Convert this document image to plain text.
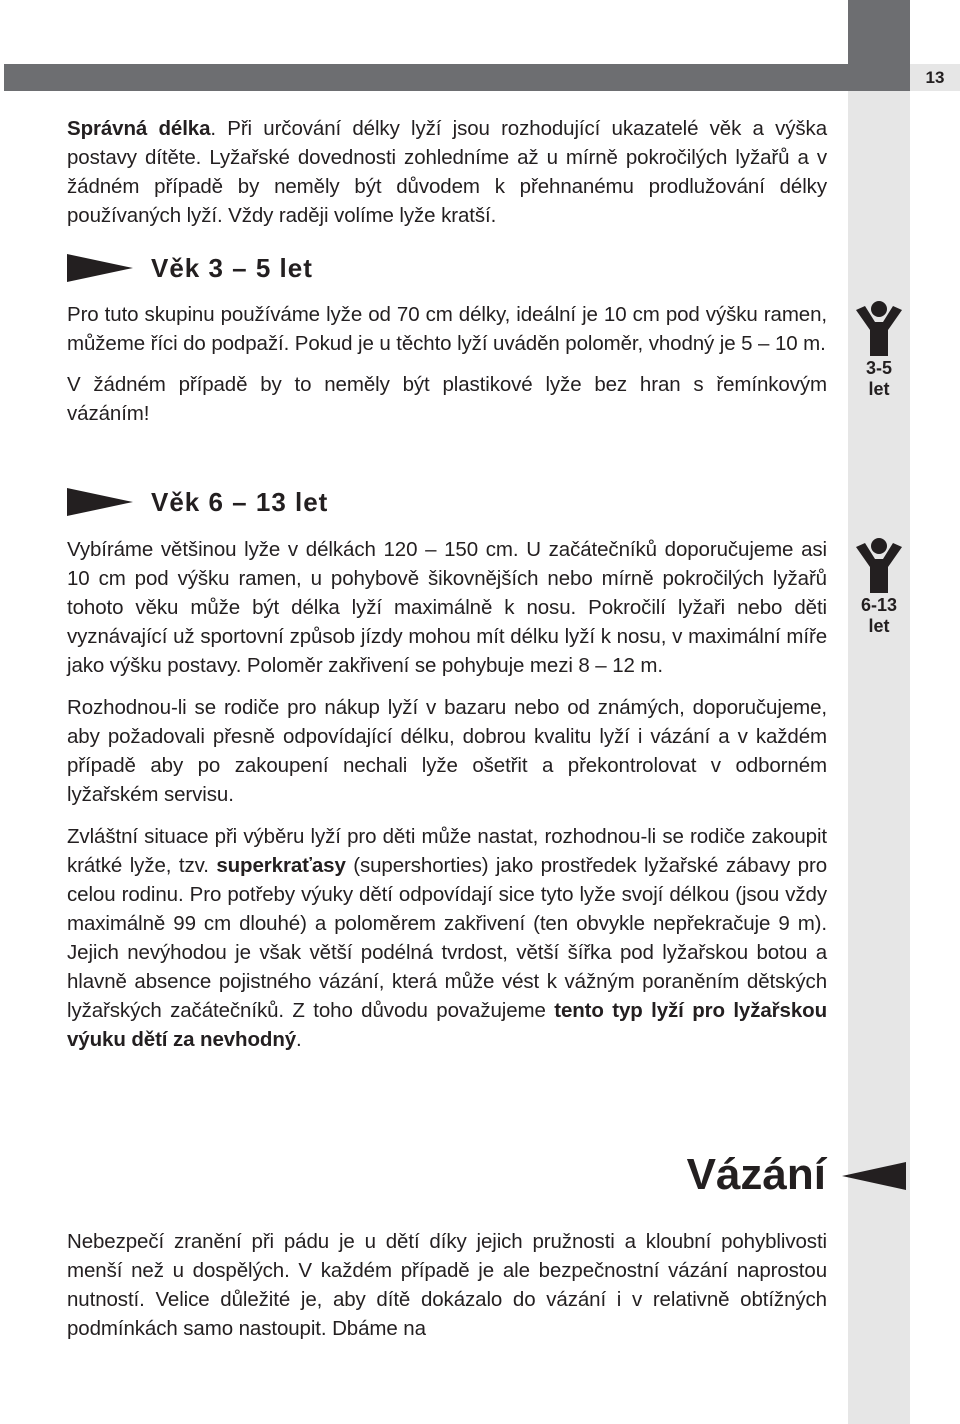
13

Správná délka. Při určování délky lyží jsou rozhodující ukazatelé věk a výška postavy dítěte. Lyžařské dovednosti zohledníme až u mírně pokročilých lyžařů a v žádném případě by neměly být důvodem k přehnanému prodlužování délky používaných lyží. Vždy raději volíme lyže kratší.

Věk 3 – 5 let

Pro tuto skupinu používáme lyže od 70 cm délky, ideální je 10 cm pod výšku ramen, můžeme říci do podpaží. Pokud je u těchto lyží uváděn poloměr, vhodný je 5 – 10 m.

V žádném případě by to neměly být plastikové lyže bez hran s řemínkovým vázáním!

3-5
let
Věk 6 – 13 let

Vybíráme většinou lyže v délkách 120 – 150 cm. U začátečníků doporučujeme asi 10 cm pod výšku ramen, u pohybově šikovnějších nebo mírně pokročilých lyžařů tohoto věku může být délka lyží maximálně k nosu. Pokročilí lyžaři nebo děti vyznávající už sportovní způsob jízdy mohou mít délku lyží k nosu, v maximální míře jako výšku postavy. Poloměr zakřivení se pohybuje mezi 8 – 12 m.

Rozhodnou-li se rodiče pro nákup lyží v bazaru nebo od známých, doporučujeme, aby požadovali přesně odpovídající délku, dobrou kvalitu lyží i vázání a v každém případě aby po zakoupení nechali lyže ošetřit a překontrolovat v odborném lyžařském servisu.

Zvláštní situace při výběru lyží pro děti může nastat, rozhodnou-li se rodiče zakoupit krátké lyže, tzv. superkraťasy (supershorties) jako prostředek lyžařské zábavy pro celou rodinu. Pro potřeby výuky dětí odpovídají sice tyto lyže svojí délkou (jsou vždy maximálně 99 cm dlouhé) a poloměrem zakřivení (ten obvykle nepřekračuje 9 m). Jejich nevýhodou je však větší podélná tvrdost, větší šířka pod lyžařskou botou a hlavně absence pojistného vázání, která může vést k vážným poraněním dětských lyžařských začátečníků. Z toho důvodu považujeme tento typ lyží pro lyžařskou výuku dětí za nevhodný.

6-13
let
Vázání

Nebezpečí zranění při pádu je u dětí díky jejich pružnosti a kloubní pohyblivosti menší než u dospělých. V každém případě je ale bezpečnostní vázání naprostou nutností. Velice důležité je, aby dítě dokázalo do vázání i v relativně obtížných podmínkách samo nastoupit. Dbáme na
